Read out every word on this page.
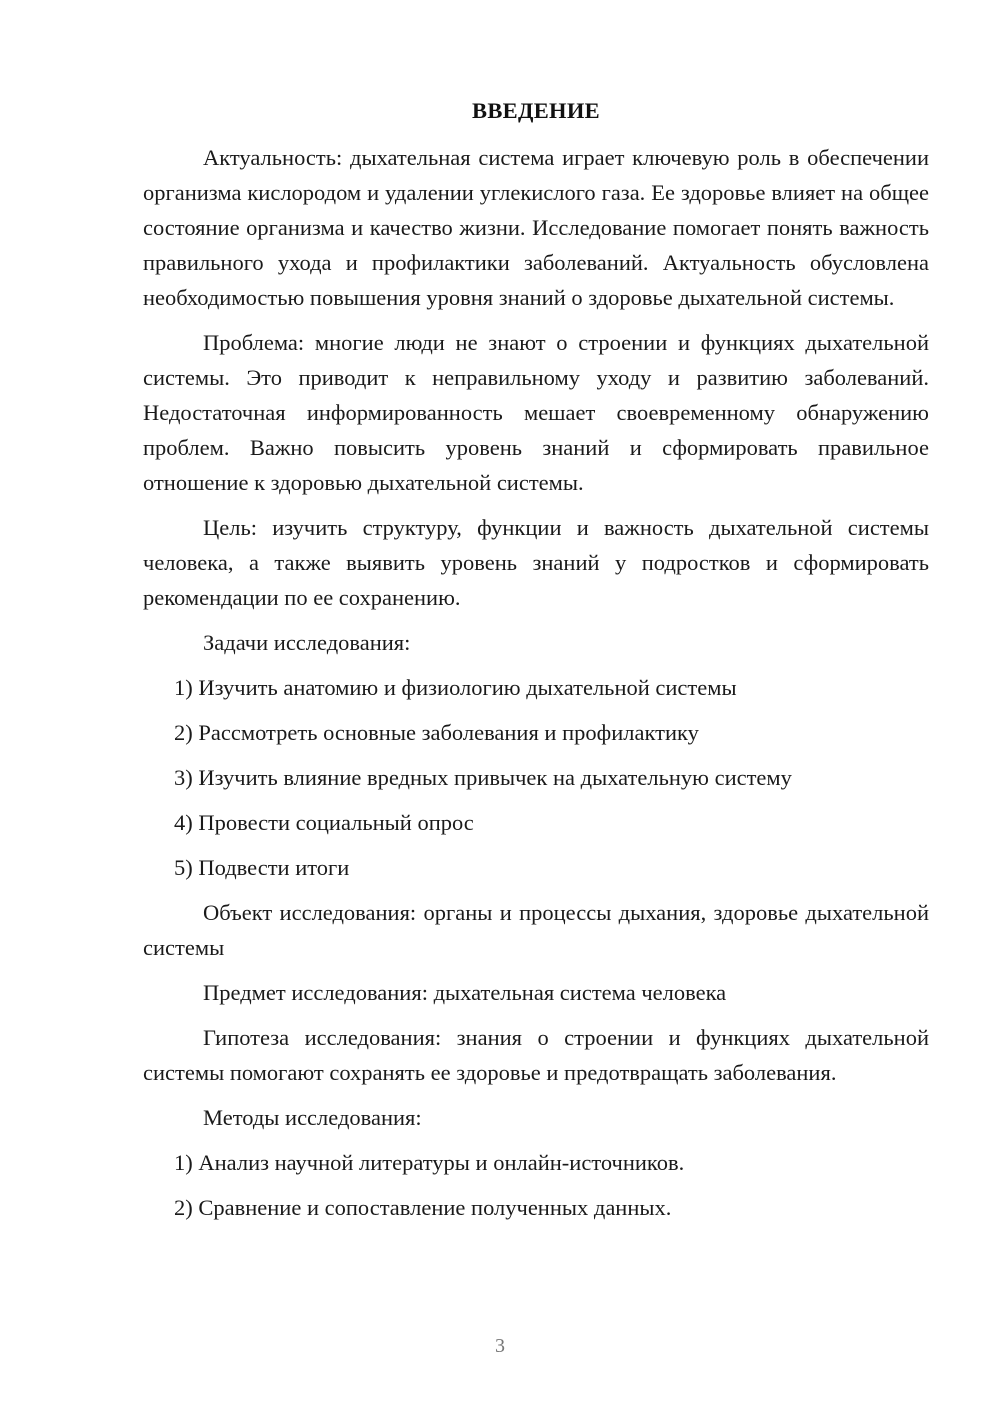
ВВЕДЕНИЕ

Актуальность: дыхательная система играет ключевую роль в обеспечении организма кислородом и удалении углекислого газа. Ее здоровье влияет на общее состояние организма и качество жизни. Исследование помогает понять важность правильного ухода и профилактики заболеваний. Актуальность обусловлена необходимостью повышения уровня знаний о здоровье дыхательной системы.

Проблема: многие люди не знают о строении и функциях дыхательной системы. Это приводит к неправильному уходу и развитию заболеваний. Недостаточная информированность мешает своевременному обнаружению проблем. Важно повысить уровень знаний и сформировать правильное отношение к здоровью дыхательной системы.

Цель: изучить структуру, функции и важность дыхательной системы человека, а также выявить уровень знаний у подростков и сформировать рекомендации по ее сохранению.

Задачи исследования:

1) Изучить анатомию и физиологию дыхательной системы
2) Рассмотреть основные заболевания и профилактику
3) Изучить влияние вредных привычек на дыхательную систему
4) Провести социальный опрос
5) Подвести итоги

Объект исследования: органы и процессы дыхания, здоровье дыхательной системы

Предмет исследования: дыхательная система человека

Гипотеза исследования: знания о строении и функциях дыхательной системы помогают сохранять ее здоровье и предотвращать заболевания.

Методы исследования:

1) Анализ научной литературы и онлайн-источников.
2) Сравнение и сопоставление полученных данных.
3
